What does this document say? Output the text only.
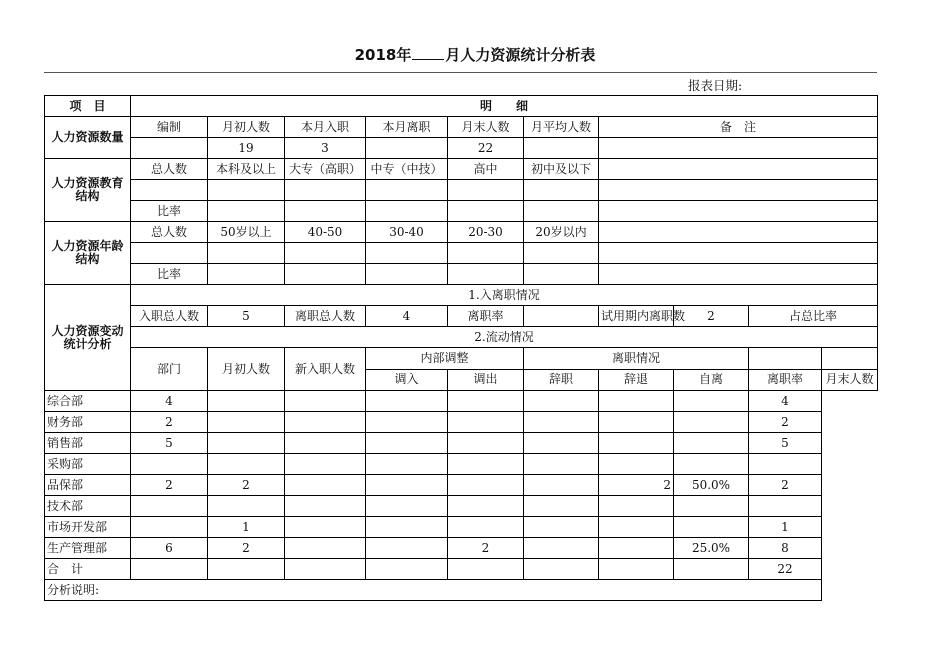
2018年 月人力资源统计分析表
报表日期:
项　目	明　　细										
人力资源数量	编制	月初人数	本月入职	本月离职	月末人数	月平均人数	备　注				
		19	3		22						
人力资源教育结构	总人数	本科及以上	大专（高职）	中专（中技）	高中	初中及以下					

	比率										
人力资源年龄结构	总人数	50岁以上	40-50	30-40	20-30	20岁以内					

	比率										
人力资源变动统计分析	1.入离职情况										
	入职总人数	5	离职总人数	4	离职率		试用期内离职数	2	占总比率		
	2.流动情况										
	部门	月初人数	新入职人数	内部调整		离职情况					
				调入	调出	辞职	辞退	自离	离职率	月末人数	
综合部	4								4		
财务部	2								2		
销售部	5								5		
采购部											
品保部	2	2					2	50.0%	2		
技术部											
市场开发部		1							1		
生产管理部	6	2			2			25.0%	8		
合　计									22		
分析说明:											
